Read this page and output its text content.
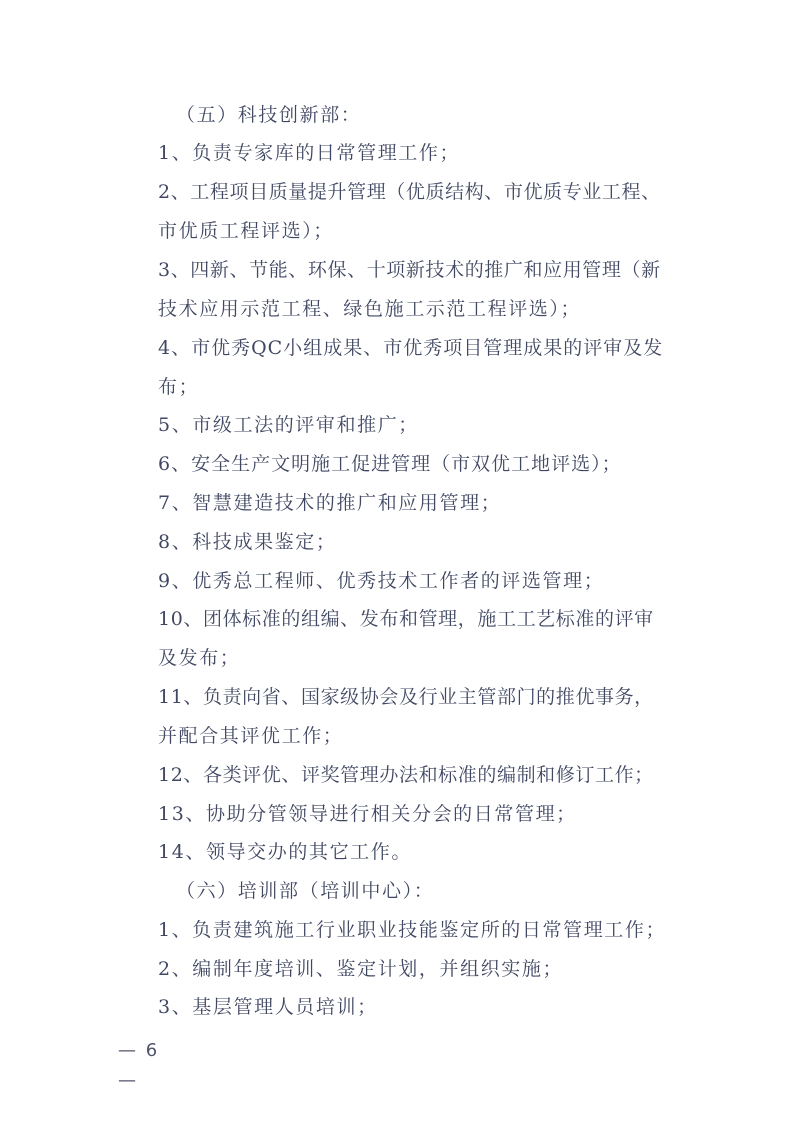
（五）科技创新部：
1、负责专家库的日常管理工作；
2、工程项目质量提升管理（优质结构、市优质专业工程、
市优质工程评选）；
3、四新、节能、环保、十项新技术的推广和应用管理（新
技术应用示范工程、绿色施工示范工程评选）；
4、市优秀QC小组成果、市优秀项目管理成果的评审及发
布；
5、市级工法的评审和推广；
6、安全生产文明施工促进管理（市双优工地评选）；
7、智慧建造技术的推广和应用管理；
8、科技成果鉴定；
9、优秀总工程师、优秀技术工作者的评选管理；
10、团体标准的组编、发布和管理，施工工艺标准的评审
及发布；
11、负责向省、国家级协会及行业主管部门的推优事务，
并配合其评优工作；
12、各类评优、评奖管理办法和标准的编制和修订工作；
13、协助分管领导进行相关分会的日常管理；
14、领导交办的其它工作。
（六）培训部（培训中心）：
1、负责建筑施工行业职业技能鉴定所的日常管理工作；
2、编制年度培训、鉴定计划，并组织实施；
3、基层管理人员培训；
— 6 —
